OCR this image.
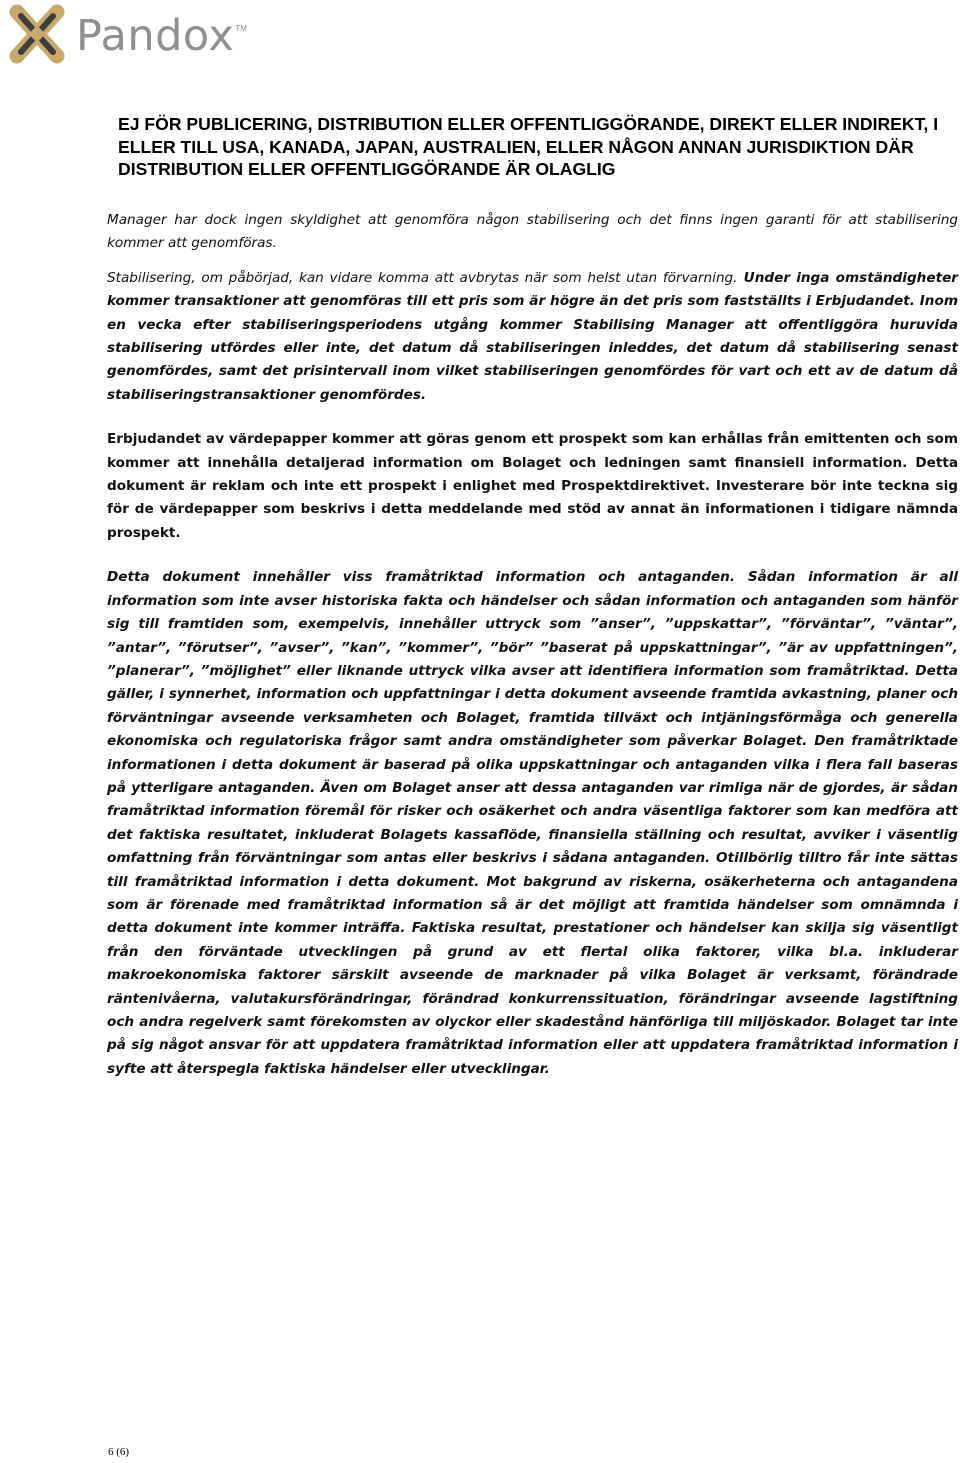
Pandox TM
EJ FÖR PUBLICERING, DISTRIBUTION ELLER OFFENTLIGGÖRANDE, DIREKT ELLER INDIREKT, I ELLER TILL USA, KANADA, JAPAN, AUSTRALIEN, ELLER NÅGON ANNAN JURISDIKTION DÄR DISTRIBUTION ELLER OFFENTLIGGÖRANDE ÄR OLAGLIG

Manager har dock ingen skyldighet att genomföra någon stabilisering och det finns ingen garanti för att stabilisering kommer att genomföras.

Stabilisering, om påbörjad, kan vidare komma att avbrytas när som helst utan förvarning. Under inga omständigheter kommer transaktioner att genomföras till ett pris som är högre än det pris som fastställts i Erbjudandet. Inom en vecka efter stabiliseringsperiodens utgång kommer Stabilising Manager att offentliggöra huruvida stabilisering utfördes eller inte, det datum då stabiliseringen inleddes, det datum då stabilisering senast genomfördes, samt det prisintervall inom vilket stabiliseringen genomfördes för vart och ett av de datum då stabiliseringstransaktioner genomfördes.

Erbjudandet av värdepapper kommer att göras genom ett prospekt som kan erhållas från emittenten och som kommer att innehålla detaljerad information om Bolaget och ledningen samt finansiell information. Detta dokument är reklam och inte ett prospekt i enlighet med Prospektdirektivet. Investerare bör inte teckna sig för de värdepapper som beskrivs i detta meddelande med stöd av annat än informationen i tidigare nämnda prospekt.

Detta dokument innehåller viss framåtriktad information och antaganden. Sådan information är all information som inte avser historiska fakta och händelser och sådan information och antaganden som hänför sig till framtiden som, exempelvis, innehåller uttryck som ”anser”, ”uppskattar”, ”förväntar”, ”väntar”, ”antar”, ”förutser”, ”avser”, ”kan”, ”kommer”, ”bör” ”baserat på uppskattningar”, ”är av uppfattningen”, ”planerar”, ”möjlighet” eller liknande uttryck vilka avser att identifiera information som framåtriktad. Detta gäller, i synnerhet, information och uppfattningar i detta dokument avseende framtida avkastning, planer och förväntningar avseende verksamheten och Bolaget, framtida tillväxt och intjäningsförmåga och generella ekonomiska och regulatoriska frågor samt andra omständigheter som påverkar Bolaget. Den framåtriktade informationen i detta dokument är baserad på olika uppskattningar och antaganden vilka i flera fall baseras på ytterligare antaganden. Även om Bolaget anser att dessa antaganden var rimliga när de gjordes, är sådan framåtriktad information föremål för risker och osäkerhet och andra väsentliga faktorer som kan medföra att det faktiska resultatet, inkluderat Bolagets kassaflöde, finansiella ställning och resultat, avviker i väsentlig omfattning från förväntningar som antas eller beskrivs i sådana antaganden. Otillbörlig tilltro får inte sättas till framåtriktad information i detta dokument. Mot bakgrund av riskerna, osäkerheterna och antagandena som är förenade med framåtriktad information så är det möjligt att framtida händelser som omnämnda i detta dokument inte kommer inträffa. Faktiska resultat, prestationer och händelser kan skilja sig väsentligt från den förväntade utvecklingen på grund av ett flertal olika faktorer, vilka bl.a. inkluderar makroekonomiska faktorer särskilt avseende de marknader på vilka Bolaget är verksamt, förändrade räntenivåerna, valutakursförändringar, förändrad konkurrenssituation, förändringar avseende lagstiftning och andra regelverk samt förekomsten av olyckor eller skadestånd hänförliga till miljöskador. Bolaget tar inte på sig något ansvar för att uppdatera framåtriktad information eller att uppdatera framåtriktad information i syfte att återspegla faktiska händelser eller utvecklingar.

6 (6)
